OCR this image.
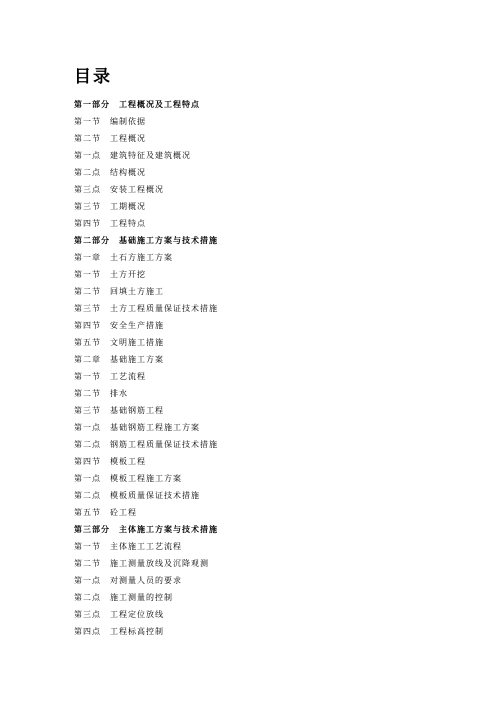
目录
第一部分　工程概况及工程特点
第一节　编制依据
第二节　工程概况
第一点　建筑特征及建筑概况
第二点　结构概况
第三点　安装工程概况
第三节　工期概况
第四节　工程特点
第二部分　基础施工方案与技术措施
第一章　土石方施工方案
第一节　土方开挖
第二节　回填土方施工
第三节　土方工程质量保证技术措施
第四节　安全生产措施
第五节　文明施工措施
第二章　基础施工方案
第一节　工艺流程
第二节　排水
第三节　基础钢筋工程
第一点　基础钢筋工程施工方案
第二点　钢筋工程质量保证技术措施
第四节　模板工程
第一点　模板工程施工方案
第二点　模板质量保证技术措施
第五节　砼工程
第三部分　主体施工方案与技术措施
第一节　主体施工工艺流程
第二节　施工测量放线及沉降观测
第一点　对测量人员的要求
第二点　施工测量的控制
第三点　工程定位放线
第四点　工程标高控制
